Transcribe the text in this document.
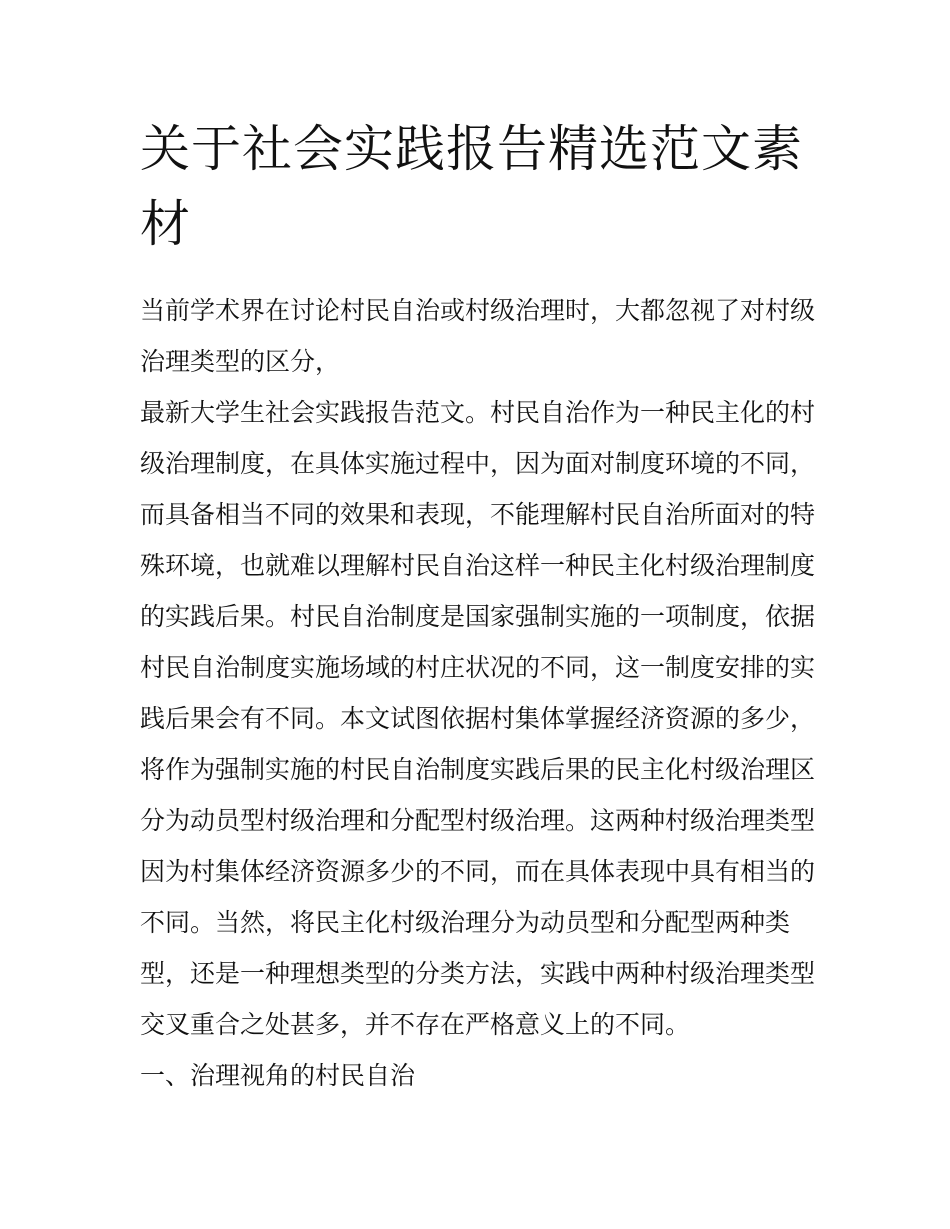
关于社会实践报告精选范文素材

当前学术界在讨论村民自治或村级治理时，大都忽视了对村级治理类型的区分，

最新大学生社会实践报告范文。村民自治作为一种民主化的村级治理制度，在具体实施过程中，因为面对制度环境的不同，而具备相当不同的效果和表现，不能理解村民自治所面对的特殊环境，也就难以理解村民自治这样一种民主化村级治理制度的实践后果。村民自治制度是国家强制实施的一项制度，依据村民自治制度实施场域的村庄状况的不同，这一制度安排的实践后果会有不同。本文试图依据村集体掌握经济资源的多少，将作为强制实施的村民自治制度实践后果的民主化村级治理区分为动员型村级治理和分配型村级治理。这两种村级治理类型因为村集体经济资源多少的不同，而在具体表现中具有相当的不同。当然，将民主化村级治理分为动员型和分配型两种类型，还是一种理想类型的分类方法，实践中两种村级治理类型交叉重合之处甚多，并不存在严格意义上的不同。

一、治理视角的村民自治
